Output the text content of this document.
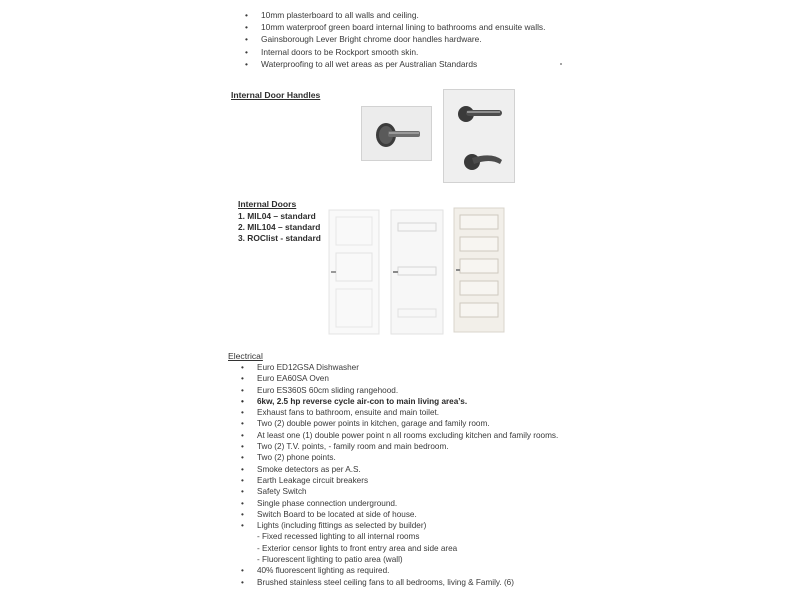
• 10mm plasterboard to all walls and ceiling.
• 10mm waterproof green board internal lining to bathrooms and ensuite walls.
• Gainsborough Lever Bright chrome door handles hardware.
• Internal doors to be Rockport smooth skin.
• Waterproofing to all wet areas as per Australian Standards
Internal Door Handles
Internal Doors
1. MIL04 – standard
2. MIL104 – standard
3. ROClist - standard
Electrical
• Euro ED12GSA Dishwasher
• Euro EA60SA Oven
• Euro ES360S 60cm sliding rangehood.
• 6kw, 2.5 hp reverse cycle air-con to main living area’s.
• Exhaust fans to bathroom, ensuite and main toilet.
• Two (2) double power points in kitchen, garage and family room.
• At least one (1) double power point n all rooms excluding kitchen and family rooms.
• Two (2) T.V. points, - family room and main bedroom.
• Two (2) phone points.
• Smoke detectors as per A.S.
• Earth Leakage circuit breakers
• Safety Switch
• Single phase connection underground.
• Switch Board to be located at side of house.
• Lights (including fittings as selected by builder)
- Fixed recessed lighting to all internal rooms
- Exterior censor lights to front entry area and side area
- Fluorescent lighting to patio area (wall)
• 40% fluorescent lighting as required.
• Brushed stainless steel ceiling fans to all bedrooms, living & Family. (6)
